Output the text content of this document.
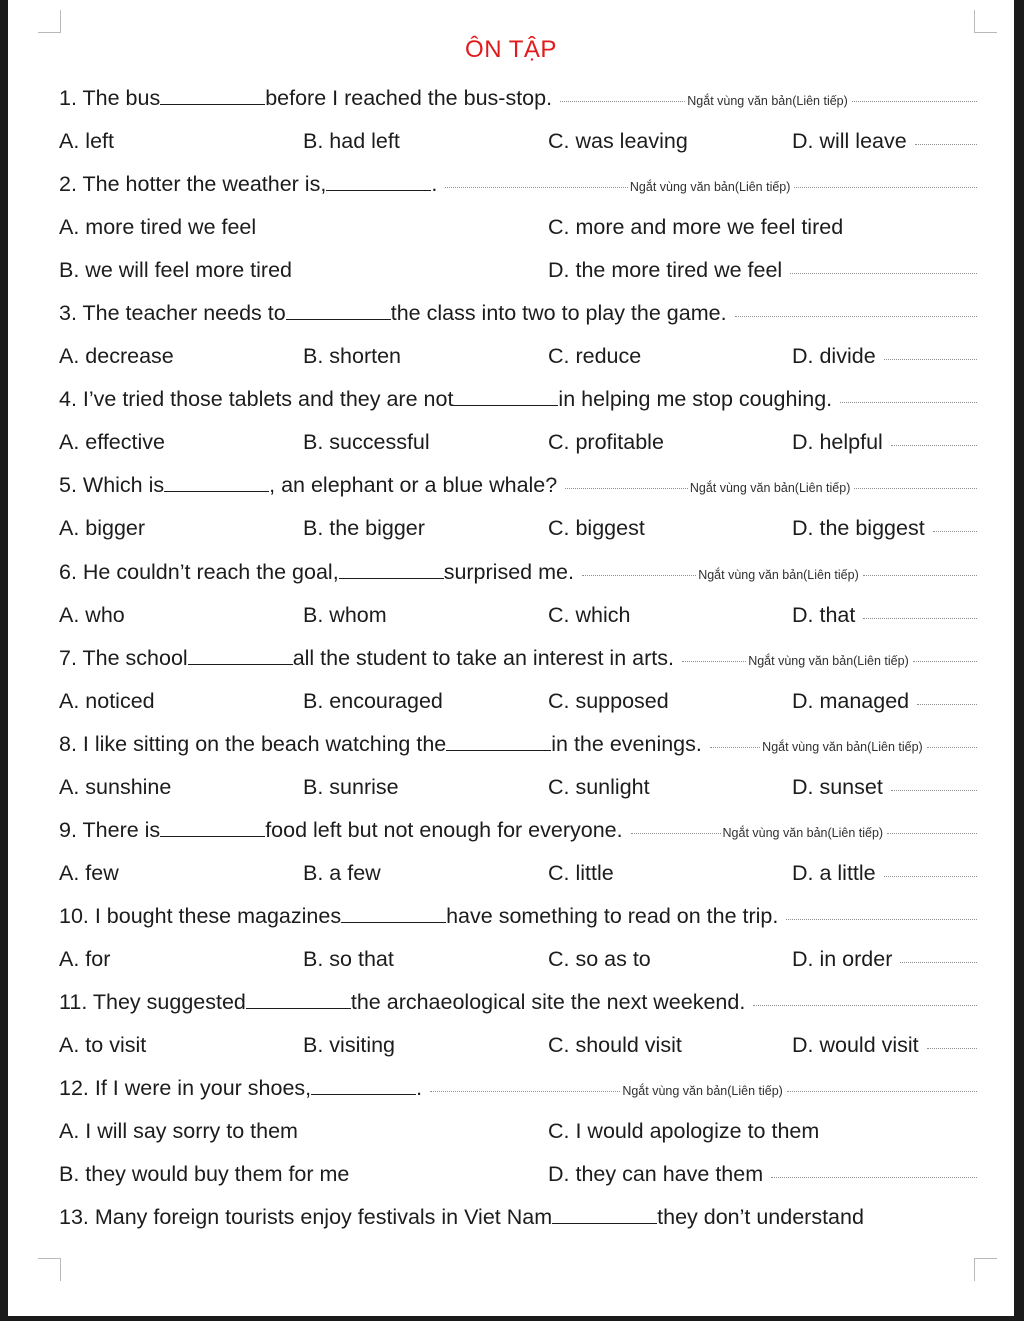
ÔN TẬP
1. The bus	before I reached the bus-stop.	Ngắt vùng văn bản(Liên tiếp)
A. left	B. had left	C. was leaving	D. will leave
2. The hotter the weather is,	.	Ngắt vùng văn bản(Liên tiếp)
A. more tired we feel	C. more and more we feel tired
B. we will feel more tired	D. the more tired we feel
3. The teacher needs to	the class into two to play the game.
A. decrease	B. shorten	C. reduce	D. divide
4. I’ve tried those tablets and they are not	in helping me stop coughing.
A. effective	B. successful	C. profitable	D. helpful
5. Which is	, an elephant or a blue whale?	Ngắt vùng văn bản(Liên tiếp)
A. bigger	B. the bigger	C. biggest	D. the biggest
6. He couldn’t reach the goal,	surprised me.	Ngắt vùng văn bản(Liên tiếp)
A. who	B. whom	C. which	D. that
7. The school	all the student to take an interest in arts.	Ngắt vùng văn bản(Liên tiếp)
A. noticed	B. encouraged	C. supposed	D. managed
8. I like sitting on the beach watching the	in the evenings.	Ngắt vùng văn bản(Liên tiếp)
A. sunshine	B. sunrise	C. sunlight	D. sunset
9. There is	food left but not enough for everyone.	Ngắt vùng văn bản(Liên tiếp)
A. few	B. a few	C. little	D. a little
10. I bought these magazines	have something to read on the trip.
A. for	B. so that	C. so as to	D. in order
11. They suggested	the archaeological site the next weekend.
A. to visit	B. visiting	C. should visit	D. would visit
12. If I were in your shoes,	.	Ngắt vùng văn bản(Liên tiếp)
A. I will say sorry to them	C. I would apologize to them
B. they would buy them for me	D. they can have them
13. Many foreign tourists enjoy festivals in Viet Nam	they don’t understand
